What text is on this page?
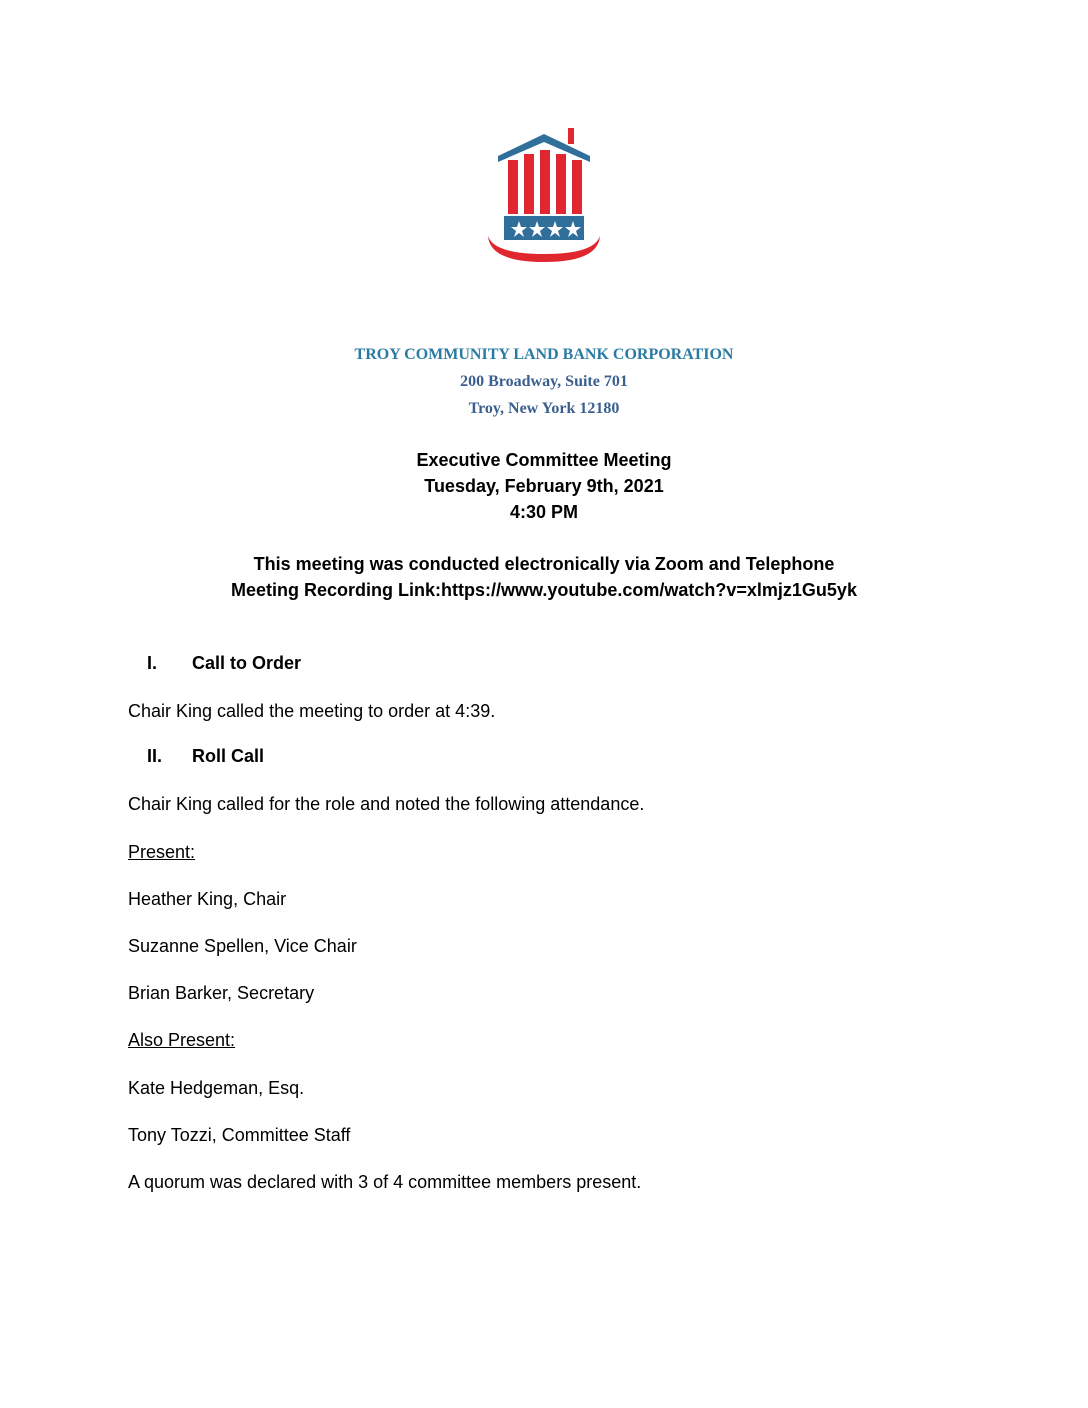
TROY COMMUNITY LAND BANK CORPORATION
200 Broadway, Suite 701
Troy, New York 12180
Executive Committee Meeting
Tuesday, February 9th, 2021
4:30 PM
This meeting was conducted electronically via Zoom and Telephone
Meeting Recording Link:https://www.youtube.com/watch?v=xlmjz1Gu5yk
I.	Call to Order
Chair King called the meeting to order at 4:39.
II.	Roll Call
Chair King called for the role and noted the following attendance.
Present:
Heather King, Chair
Suzanne Spellen, Vice Chair
Brian Barker, Secretary
Also Present:
Kate Hedgeman, Esq.
Tony Tozzi, Committee Staff
A quorum was declared with 3 of 4 committee members present.
